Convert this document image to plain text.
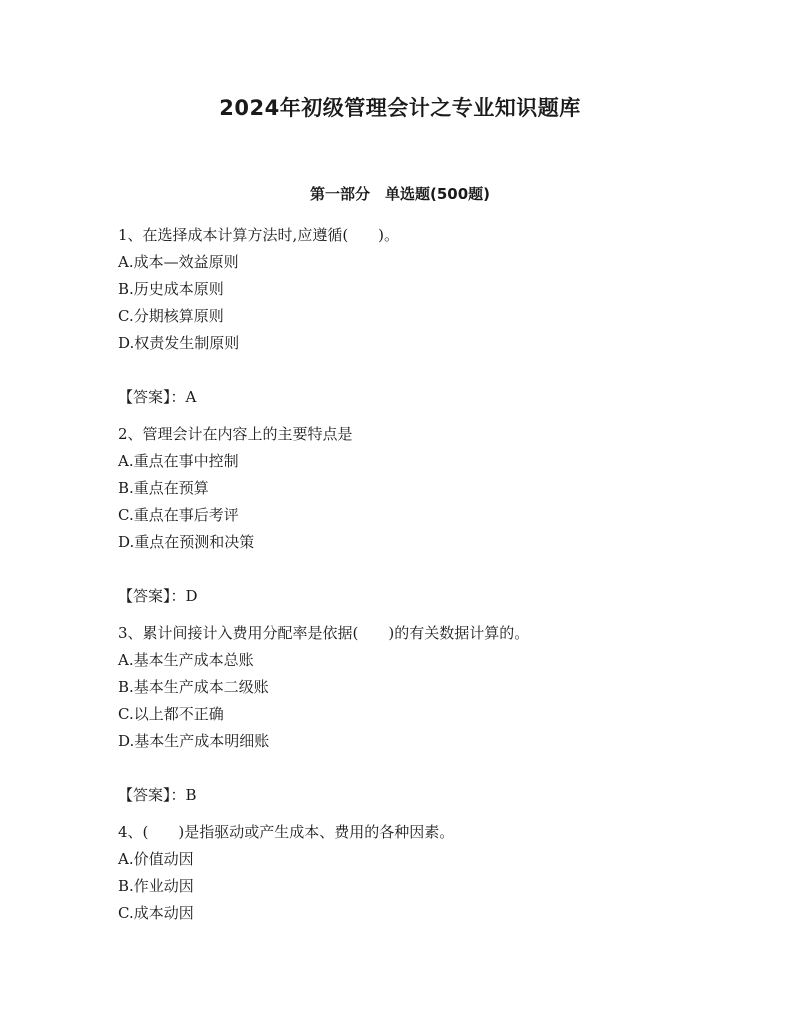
2024年初级管理会计之专业知识题库
第一部分　单选题(500题)
1、在选择成本计算方法时,应遵循(　　)。
A.成本—效益原则
B.历史成本原则
C.分期核算原则
D.权责发生制原则
【答案】：A
2、管理会计在内容上的主要特点是
A.重点在事中控制
B.重点在预算
C.重点在事后考评
D.重点在预测和决策
【答案】：D
3、累计间接计入费用分配率是依据(　　)的有关数据计算的。
A.基本生产成本总账
B.基本生产成本二级账
C.以上都不正确
D.基本生产成本明细账
【答案】：B
4、(　　)是指驱动或产生成本、费用的各种因素。
A.价值动因
B.作业动因
C.成本动因
